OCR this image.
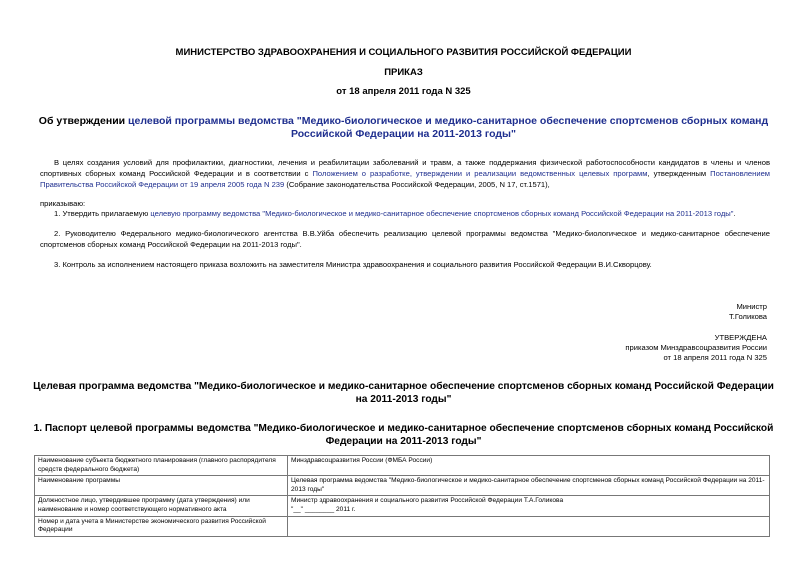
МИНИСТЕРСТВО ЗДРАВООХРАНЕНИЯ И СОЦИАЛЬНОГО РАЗВИТИЯ РОССИЙСКОЙ ФЕДЕРАЦИИ
ПРИКАЗ
от 18 апреля 2011 года N 325
Об утверждении целевой программы ведомства "Медико-биологическое и медико-санитарное обеспечение спортсменов сборных команд Российской Федерации на 2011-2013 годы"
В целях создания условий для профилактики, диагностики, лечения и реабилитации заболеваний и травм, а также поддержания физической работоспособности кандидатов в члены и членов спортивных сборных команд Российской Федерации и в соответствии с Положением о разработке, утверждении и реализации ведомственных целевых программ, утвержденным Постановлением Правительства Российской Федерации от 19 апреля 2005 года N 239 (Собрание законодательства Российской Федерации, 2005, N 17, ст.1571),
приказываю:
1. Утвердить прилагаемую целевую программу ведомства "Медико-биологическое и медико-санитарное обеспечение спортсменов сборных команд Российской Федерации на 2011-2013 годы".
2. Руководителю Федерального медико-биологического агентства В.В.Уйба обеспечить реализацию целевой программы ведомства "Медико-биологическое и медико-санитарное обеспечение спортсменов сборных команд Российской Федерации на 2011-2013 годы".
3. Контроль за исполнением настоящего приказа возложить на заместителя Министра здравоохранения и социального развития Российской Федерации В.И.Скворцову.
Министр
Т.Голикова
УТВЕРЖДЕНА
приказом Минздравсоцразвития России
от 18 апреля 2011 года N 325
Целевая программа ведомства "Медико-биологическое и медико-санитарное обеспечение спортсменов сборных команд Российской Федерации на 2011-2013 годы"
1. Паспорт целевой программы ведомства "Медико-биологическое и медико-санитарное обеспечение спортсменов сборных команд Российской Федерации на 2011-2013 годы"
Наименование субъекта бюджетного планирования (главного распорядителя средств федерального бюджета)	Минздравсоцразвития России (ФМБА России)

Наименование программы	Целевая программа ведомства "Медико-биологическое и медико-санитарное обеспечение спортсменов сборных команд Российской Федерации на 2011-2013 годы"

Должностное лицо, утвердившее программу (дата утверждения) или наименование и номер соответствующего нормативного акта	Министр здравоохранения и социального развития Российской Федерации Т.А.Голикова
"__" ________ 2011 г.

Номер и дата учета в Министерстве экономического развития Российской Федерации	
